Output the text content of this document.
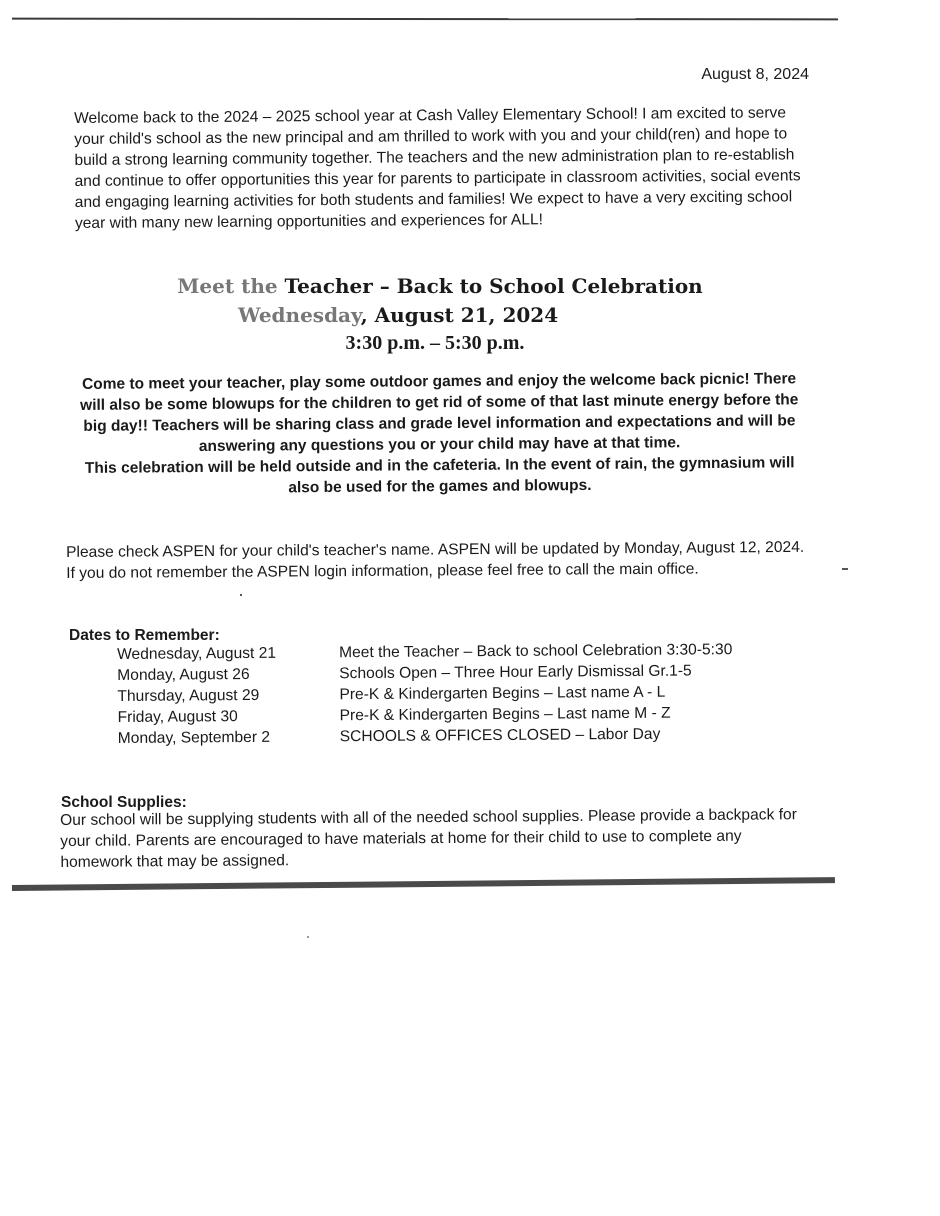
August 8, 2024
Welcome back to the 2024 – 2025 school year at Cash Valley Elementary School! I am excited to serve your child's school as the new principal and am thrilled to work with you and your child(ren) and hope to build a strong learning community together. The teachers and the new administration plan to re-establish and continue to offer opportunities this year for parents to participate in classroom activities, social events and engaging learning activities for both students and families! We expect to have a very exciting school year with many new learning opportunities and experiences for ALL!
Meet the Teacher – Back to School Celebration
Wednesday, August 21, 2024
3:30 p.m. – 5:30 p.m.

Come to meet your teacher, play some outdoor games and enjoy the welcome back picnic! There will also be some blowups for the children to get rid of some of that last minute energy before the big day!! Teachers will be sharing class and grade level information and expectations and will be answering any questions you or your child may have at that time.

This celebration will be held outside and in the cafeteria. In the event of rain, the gymnasium will also be used for the games and blowups.

Please check ASPEN for your child's teacher's name. ASPEN will be updated by Monday, August 12, 2024. If you do not remember the ASPEN login information, please feel free to call the main office.
Dates to Remember:
Wednesday, August 21	Meet the Teacher – Back to school Celebration 3:30-5:30
Monday, August 26	Schools Open – Three Hour Early Dismissal Gr.1-5
Thursday, August 29	Pre-K & Kindergarten Begins – Last name A - L
Friday, August 30	Pre-K & Kindergarten Begins – Last name M - Z
Monday, September 2	SCHOOLS & OFFICES CLOSED – Labor Day
School Supplies:
Our school will be supplying students with all of the needed school supplies. Please provide a backpack for your child. Parents are encouraged to have materials at home for their child to use to complete any homework that may be assigned.
